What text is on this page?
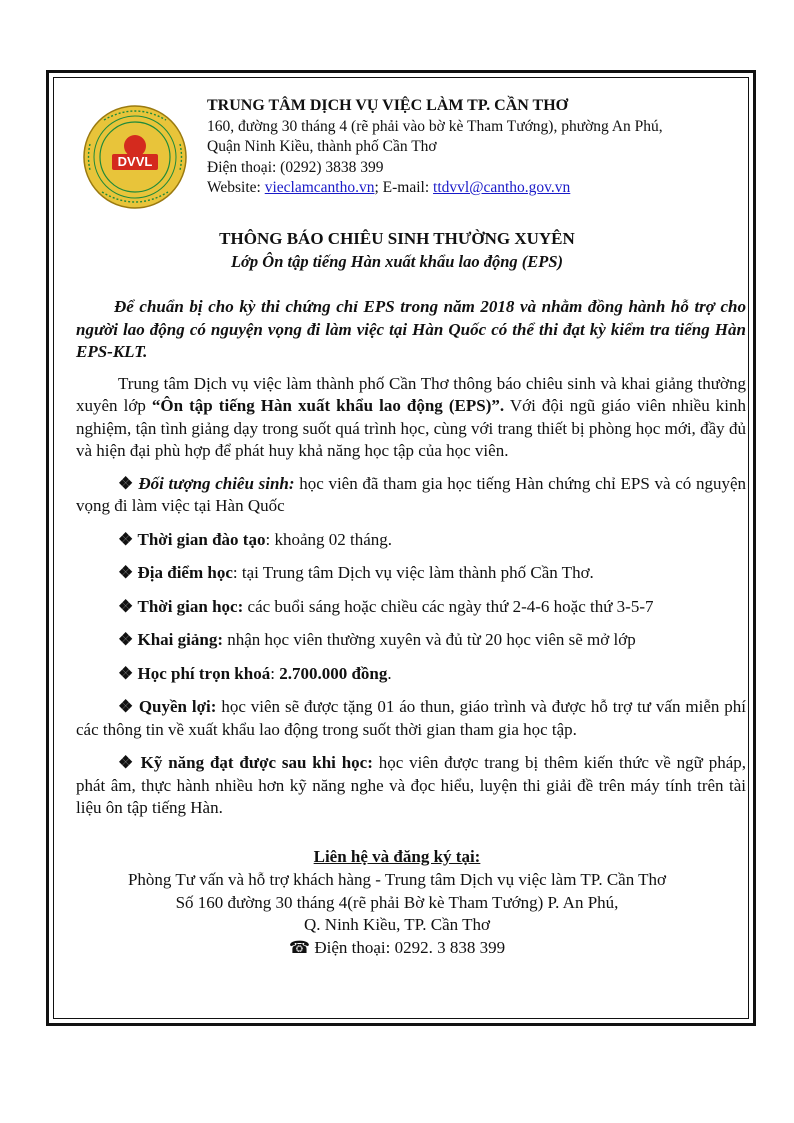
DVVL
TRUNG TÂM DỊCH VỤ VIỆC LÀM TP. CẦN THƠ
160, đường 30 tháng 4 (rẽ phải vào bờ kè Tham Tướng), phường An Phú,
Quận Ninh Kiều, thành phố Cần Thơ
Điện thoại: (0292) 3838 399
Website: vieclamcantho.vn; E-mail: ttdvvl@cantho.gov.vn
THÔNG BÁO CHIÊU SINH THƯỜNG XUYÊN
Lớp Ôn tập tiếng Hàn xuất khẩu lao động (EPS)

Để chuẩn bị cho kỳ thi chứng chỉ EPS trong năm 2018 và nhằm đồng hành hỗ trợ cho người lao động có nguyện vọng đi làm việc tại Hàn Quốc có thể thi đạt kỳ kiểm tra tiếng Hàn EPS-KLT.

Trung tâm Dịch vụ việc làm thành phố Cần Thơ thông báo chiêu sinh và khai giảng thường xuyên lớp “Ôn tập tiếng Hàn xuất khẩu lao động (EPS)”. Với đội ngũ giáo viên nhiều kinh nghiệm, tận tình giảng dạy trong suốt quá trình học, cùng với trang thiết bị phòng học mới, đầy đủ và hiện đại phù hợp để phát huy khả năng học tập của học viên.

❖ Đối tượng chiêu sinh: học viên đã tham gia học tiếng Hàn chứng chỉ EPS và có nguyện vọng đi làm việc tại Hàn Quốc

❖ Thời gian đào tạo: khoảng 02 tháng.

❖ Địa điểm học: tại Trung tâm Dịch vụ việc làm thành phố Cần Thơ.

❖ Thời gian học: các buổi sáng hoặc chiều các ngày thứ 2-4-6 hoặc thứ 3-5-7

❖ Khai giảng: nhận học viên thường xuyên và đủ từ 20 học viên sẽ mở lớp

❖ Học phí trọn khoá: 2.700.000 đồng.

❖ Quyền lợi: học viên sẽ được tặng 01 áo thun, giáo trình và được hỗ trợ tư vấn miễn phí các thông tin về xuất khẩu lao động trong suốt thời gian tham gia học tập.

❖ Kỹ năng đạt được sau khi học: học viên được trang bị thêm kiến thức về ngữ pháp, phát âm, thực hành nhiều hơn kỹ năng nghe và đọc hiểu, luyện thi giải đề trên máy tính trên tài liệu ôn tập tiếng Hàn.

Liên hệ và đăng ký tại:
Phòng Tư vấn và hỗ trợ khách hàng - Trung tâm Dịch vụ việc làm TP. Cần Thơ
Số 160 đường 30 tháng 4(rẽ phải Bờ kè Tham Tướng) P. An Phú,
Q. Ninh Kiều, TP. Cần Thơ
☎ Điện thoại: 0292. 3 838 399
